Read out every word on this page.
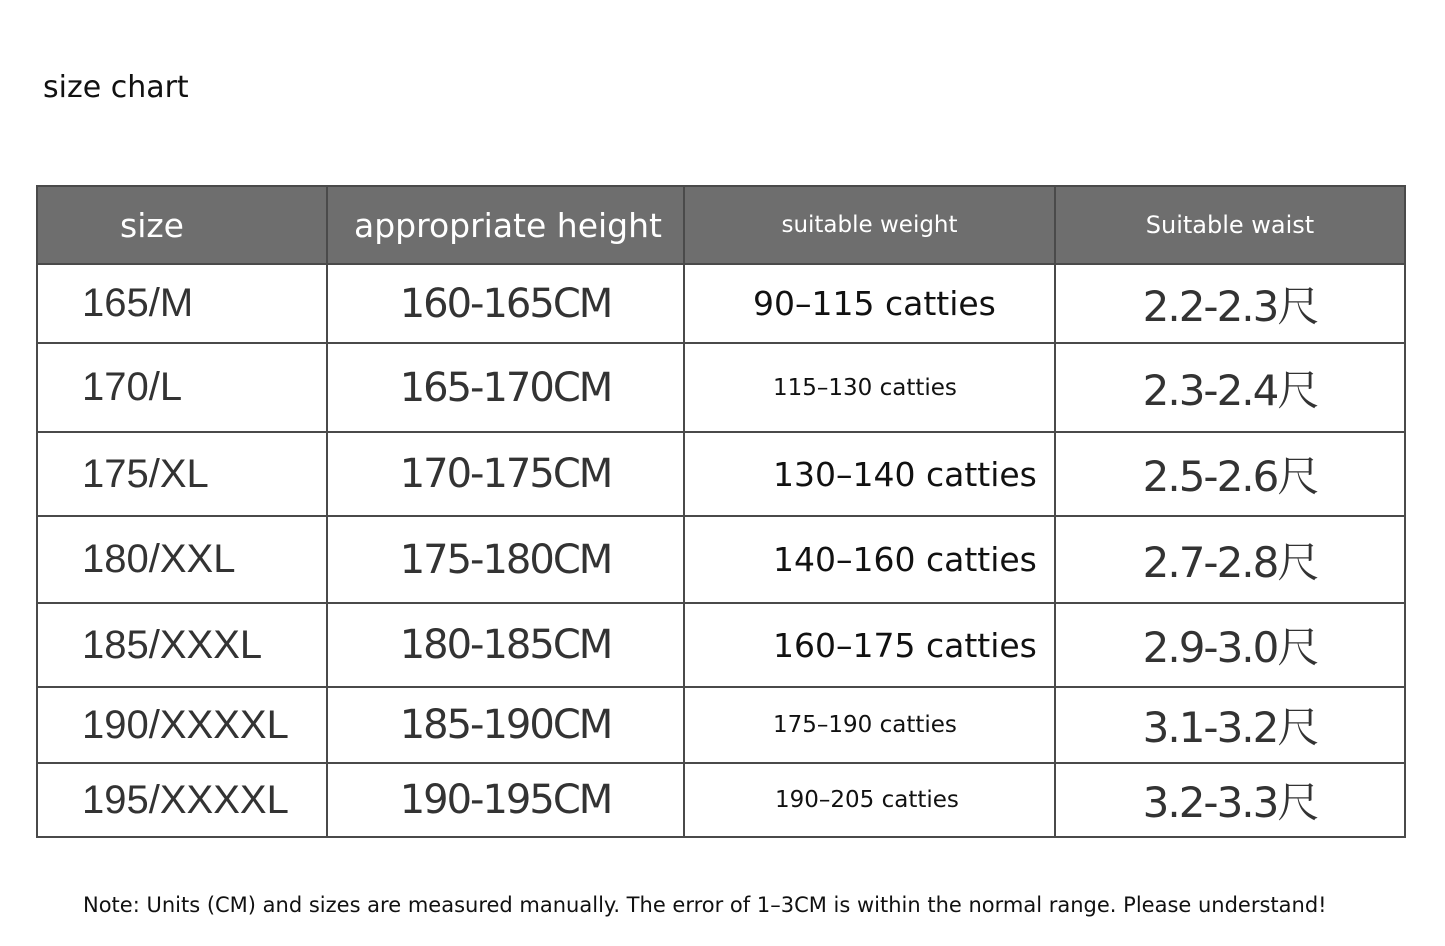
size chart
size	appropriate height	suitable weight	Suitable waist
165/M	160-165CM	90–115 catties	2.2-2.3尺
170/L	165-170CM	115–130 catties	2.3-2.4尺
175/XL	170-175CM	130–140 catties	2.5-2.6尺
180/XXL	175-180CM	140–160 catties	2.7-2.8尺
185/XXXL	180-185CM	160–175 catties	2.9-3.0尺
190/XXXXL	185-190CM	175–190 catties	3.1-3.2尺
195/XXXXL	190-195CM	190–205 catties	3.2-3.3尺
Note: Units (CM) and sizes are measured manually. The error of 1–3CM is within the normal range. Please understand!
